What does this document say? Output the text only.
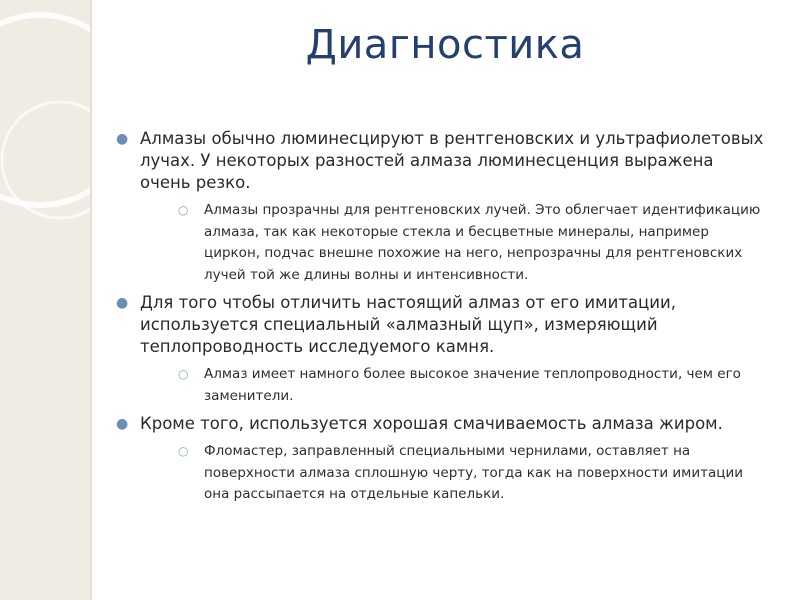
Диагностика
● Алмазы обычно люминесцируют в рентгеновских и ультрафиолетовых лучах. У некоторых разностей алмаза люминесценция выражена очень резко.
○ Алмазы прозрачны для рентгеновских лучей. Это облегчает идентификацию алмаза, так как некоторые стекла и бесцветные минералы, например циркон, подчас внешне похожие на него, непрозрачны для рентгеновских лучей той же длины волны и интенсивности.
● Для того чтобы отличить настоящий алмаз от его имитации, используется специальный «алмазный щуп», измеряющий теплопроводность исследуемого камня.
○ Алмаз имеет намного более высокое значение теплопроводности, чем его заменители.
● Кроме того, используется хорошая смачиваемость алмаза жиром.
○ Фломастер, заправленный специальными чернилами, оставляет на поверхности алмаза сплошную черту, тогда как на поверхности имитации она рассыпается на отдельные капельки.
